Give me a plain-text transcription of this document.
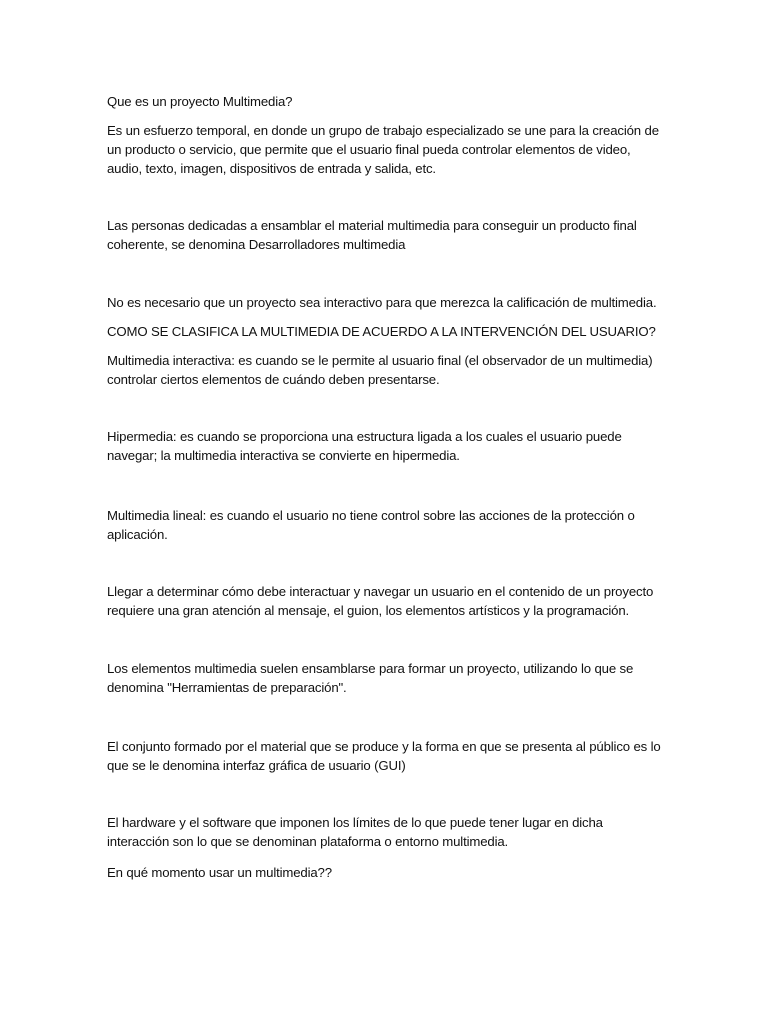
Que es un proyecto Multimedia?

Es un esfuerzo temporal, en donde un grupo de trabajo especializado se une para la creación de un producto o servicio, que permite que el usuario final pueda controlar elementos de video, audio, texto, imagen, dispositivos de entrada y salida, etc.

Las personas dedicadas a ensamblar el material multimedia para conseguir un producto final coherente, se denomina Desarrolladores multimedia

No es necesario que un proyecto sea interactivo para que merezca la calificación de multimedia.

COMO SE CLASIFICA LA MULTIMEDIA DE ACUERDO A LA INTERVENCIÓN DEL USUARIO?

Multimedia interactiva: es cuando se le permite al usuario final (el observador de un multimedia) controlar ciertos elementos de cuándo deben presentarse.

Hipermedia: es cuando se proporciona una estructura ligada a los cuales el usuario puede navegar; la multimedia interactiva se convierte en hipermedia.

Multimedia lineal: es cuando el usuario no tiene control sobre las acciones de la protección o aplicación.

Llegar a determinar cómo debe interactuar y navegar un usuario en el contenido de un proyecto requiere una gran atención al mensaje, el guion, los elementos artísticos y la programación.

Los elementos multimedia suelen ensamblarse para formar un proyecto, utilizando lo que se denomina "Herramientas de preparación".

El conjunto formado por el material que se produce y la forma en que se presenta al público es lo que se le denomina interfaz gráfica de usuario (GUI)

El hardware y el software que imponen los límites de lo que puede tener lugar en dicha interacción son lo que se denominan plataforma o entorno multimedia.

En qué momento usar un multimedia??
